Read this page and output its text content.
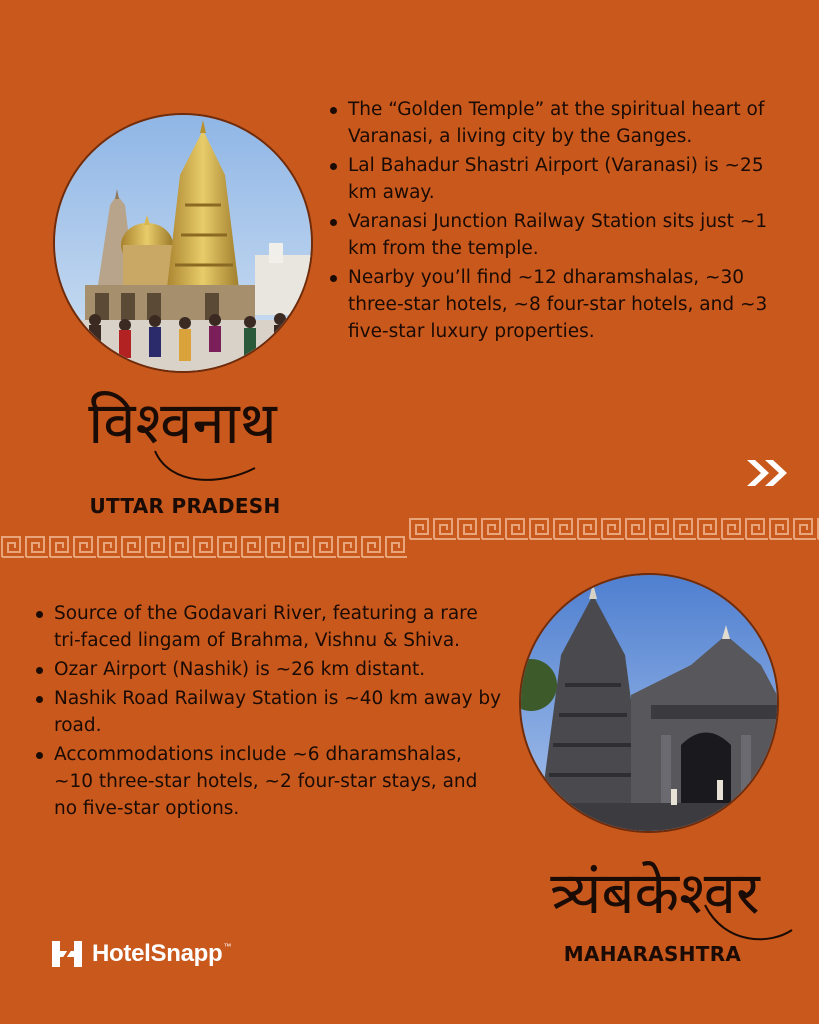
The “Golden Temple” at the spiritual heart of Varanasi, a living city by the Ganges.
Lal Bahadur Shastri Airport (Varanasi) is ~25 km away.
Varanasi Junction Railway Station sits just ~1 km from the temple.
Nearby you’ll find ~12 dharamshalas, ~30 three-star hotels, ~8 four-star hotels, and ~3 five-star luxury properties.
विश्वनाथ
UTTAR PRADESH
Source of the Godavari River, featuring a rare tri-faced lingam of Brahma, Vishnu & Shiva.
Ozar Airport (Nashik) is ~26 km distant.
Nashik Road Railway Station is ~40 km away by road.
Accommodations include ~6 dharamshalas, ~10 three-star hotels, ~2 four-star stays, and no five-star options.
त्र्यंबकेश्वर
MAHARASHTRA
HotelSnapp ™
